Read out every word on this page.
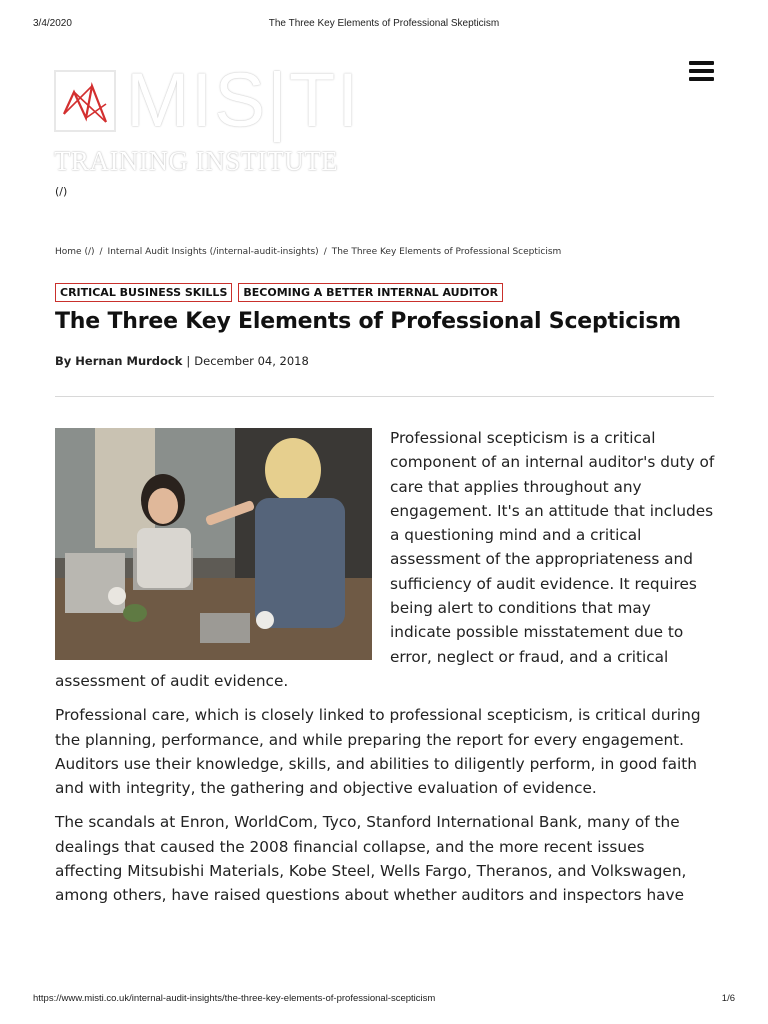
3/4/2020	The Three Key Elements of Professional Skepticism
MIS|TI
TRAINING INSTITUTE
(/)
Home (/) / Internal Audit Insights (/internal-audit-insights) / The Three Key Elements of Professional Scepticism
CRITICAL BUSINESS SKILLS	BECOMING A BETTER INTERNAL AUDITOR
The Three Key Elements of Professional Scepticism
By Hernan Murdock | December 04, 2018

Professional scepticism is a critical component of an internal auditor's duty of care that applies throughout any engagement. It's an attitude that includes a questioning mind and a critical assessment of the appropriateness and sufficiency of audit evidence. It requires being alert to conditions that may indicate possible misstatement due to error, neglect or fraud, and a critical assessment of audit evidence.

Professional care, which is closely linked to professional scepticism, is critical during the planning, performance, and while preparing the report for every engagement. Auditors use their knowledge, skills, and abilities to diligently perform, in good faith and with integrity, the gathering and objective evaluation of evidence.

The scandals at Enron, WorldCom, Tyco, Stanford International Bank, many of the dealings that caused the 2008 financial collapse, and the more recent issues affecting Mitsubishi Materials, Kobe Steel, Wells Fargo, Theranos, and Volkswagen, among others, have raised questions about whether auditors and inspectors have

https://www.misti.co.uk/internal-audit-insights/the-three-key-elements-of-professional-scepticism	1/6
